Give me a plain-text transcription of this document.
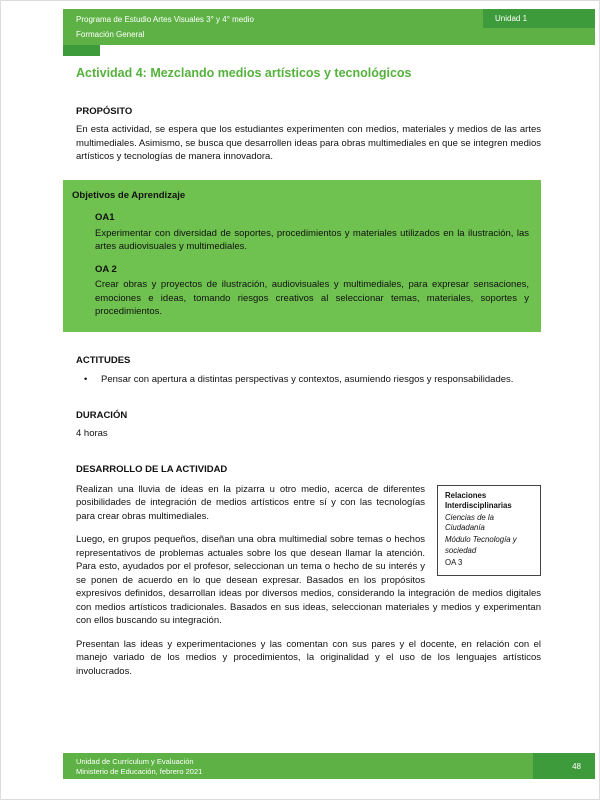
Programa de Estudio Artes Visuales 3° y 4° medio
Formación General
Unidad 1
Actividad 4: Mezclando medios artísticos y tecnológicos
PROPÓSITO

En esta actividad, se espera que los estudiantes experimenten con medios, materiales y medios de las artes multimediales. Asimismo, se busca que desarrollen ideas para obras multimediales en que se integren medios artísticos y tecnologías de manera innovadora.

Objetivos de Aprendizaje
OA1

Experimentar con diversidad de soportes, procedimientos y materiales utilizados en la ilustración, las artes audiovisuales y multimediales.

OA 2

Crear obras y proyectos de ilustración, audiovisuales y multimediales, para expresar sensaciones, emociones e ideas, tomando riesgos creativos al seleccionar temas, materiales, soportes y procedimientos.

ACTITUDES
•	Pensar con apertura a distintas perspectivas y contextos, asumiendo riesgos y responsabilidades.
DURACIÓN

4 horas

DESARROLLO DE LA ACTIVIDAD
Relaciones Interdisciplinarias
Ciencias de la Ciudadanía
Módulo Tecnología y sociedad
OA 3

Realizan una lluvia de ideas en la pizarra u otro medio, acerca de diferentes posibilidades de integración de medios artísticos entre sí y con las tecnologías para crear obras multimediales.

Luego, en grupos pequeños, diseñan una obra multimedial sobre temas o hechos representativos de problemas actuales sobre los que desean llamar la atención. Para esto, ayudados por el profesor, seleccionan un tema o hecho de su interés y se ponen de acuerdo en lo que desean expresar. Basados en los propósitos expresivos definidos, desarrollan ideas por diversos medios, considerando la integración de medios digitales con medios artísticos tradicionales. Basados en sus ideas, seleccionan materiales y medios y experimentan con ellos buscando su integración.

Presentan las ideas y experimentaciones y las comentan con sus pares y el docente, en relación con el manejo variado de los medios y procedimientos, la originalidad y el uso de los lenguajes artísticos involucrados.

Unidad de Currículum y Evaluación
Ministerio de Educación, febrero 2021
48
